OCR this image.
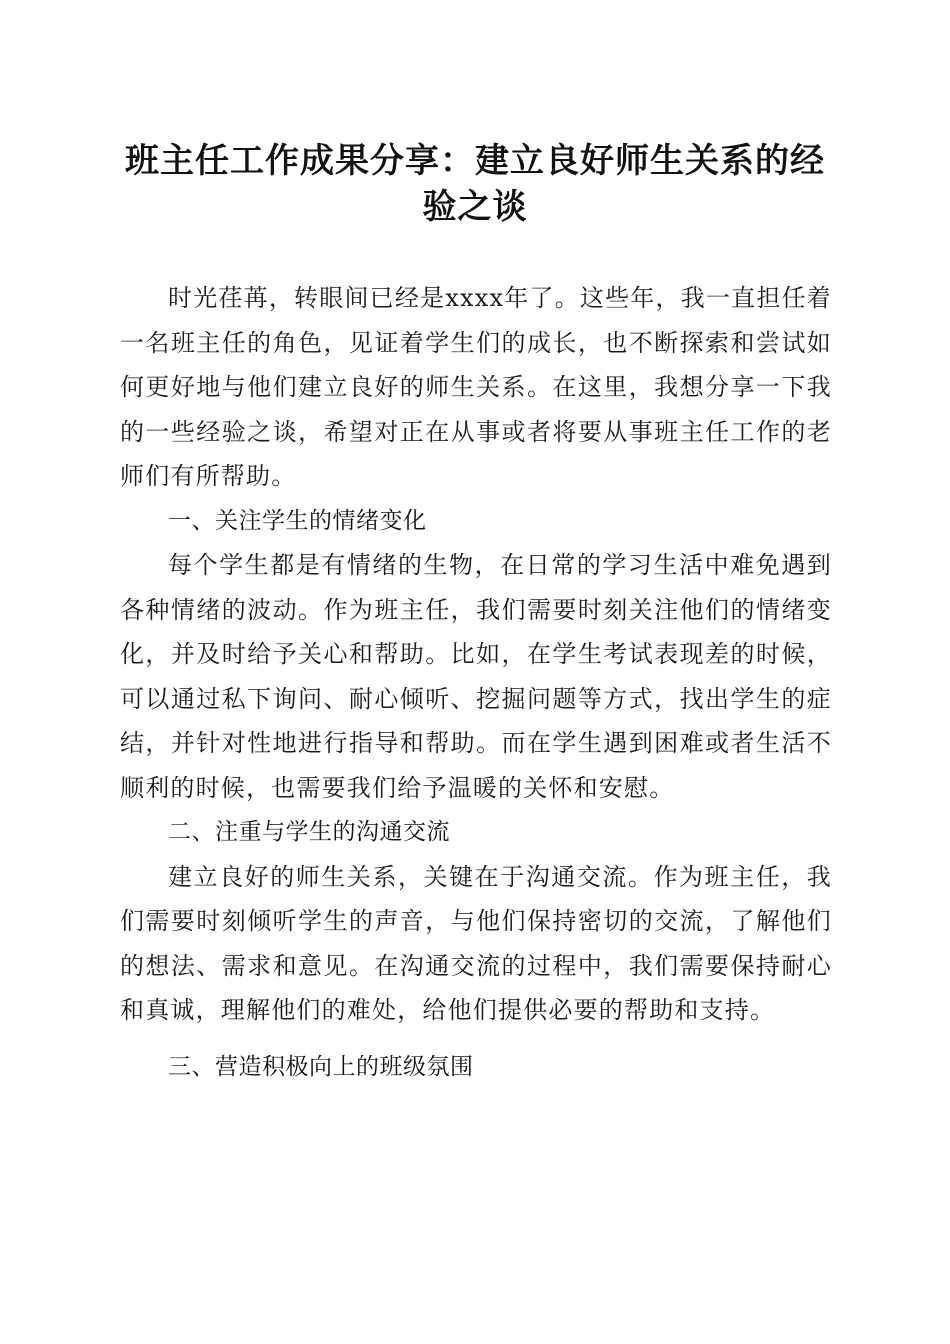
班主任工作成果分享：建立良好师生关系的经验之谈

时光荏苒，转眼间已经是xxxx年了。这些年，我一直担任着一名班主任的角色，见证着学生们的成长，也不断探索和尝试如何更好地与他们建立良好的师生关系。在这里，我想分享一下我的一些经验之谈，希望对正在从事或者将要从事班主任工作的老师们有所帮助。

一、关注学生的情绪变化

每个学生都是有情绪的生物，在日常的学习生活中难免遇到各种情绪的波动。作为班主任，我们需要时刻关注他们的情绪变化，并及时给予关心和帮助。比如，在学生考试表现差的时候，可以通过私下询问、耐心倾听、挖掘问题等方式，找出学生的症结，并针对性地进行指导和帮助。而在学生遇到困难或者生活不顺利的时候，也需要我们给予温暖的关怀和安慰。

二、注重与学生的沟通交流

建立良好的师生关系，关键在于沟通交流。作为班主任，我们需要时刻倾听学生的声音，与他们保持密切的交流，了解他们的想法、需求和意见。在沟通交流的过程中，我们需要保持耐心和真诚，理解他们的难处，给他们提供必要的帮助和支持。

三、营造积极向上的班级氛围
